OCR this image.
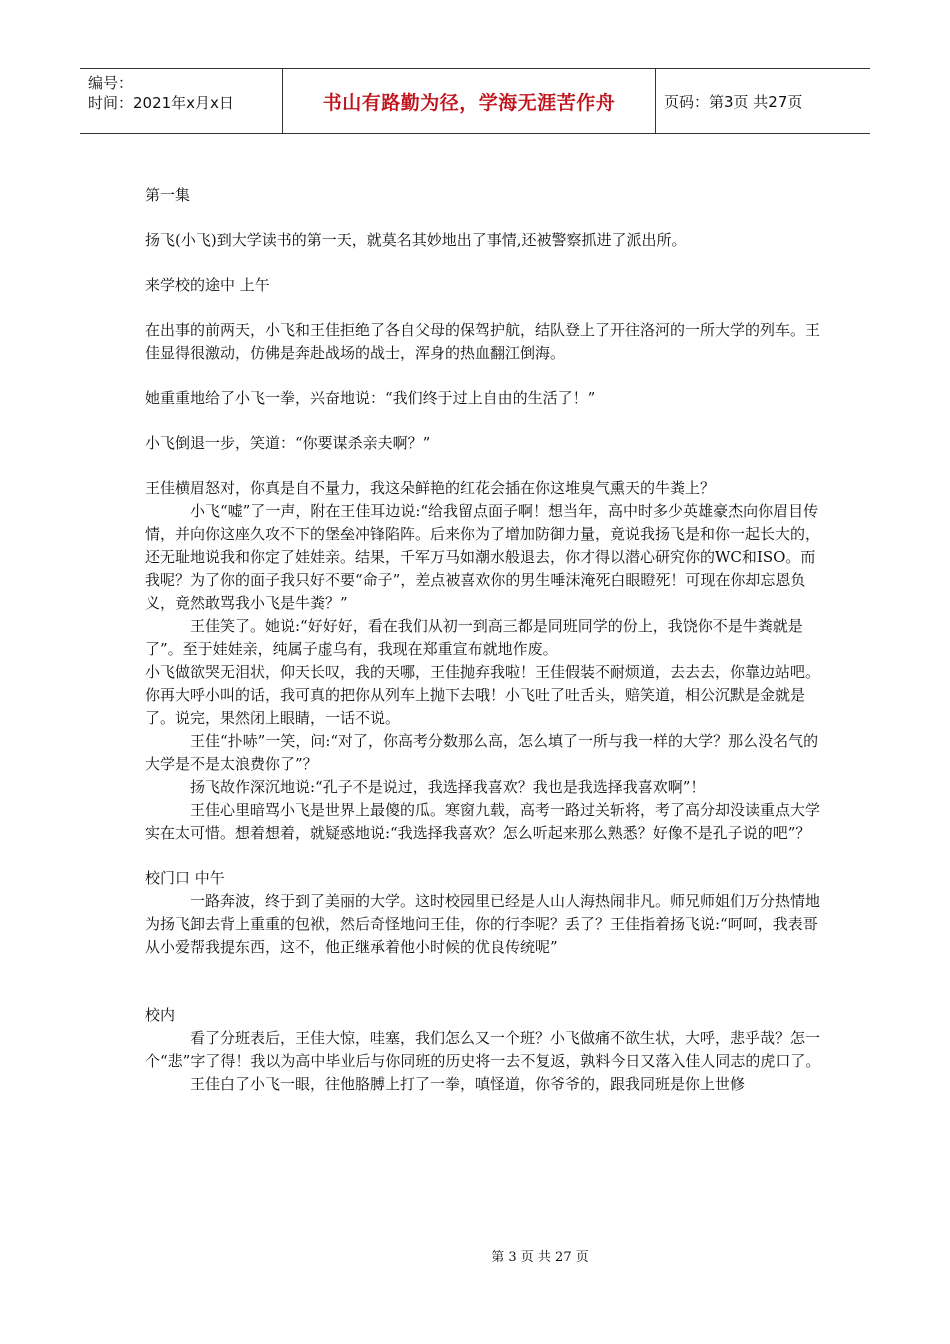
编号：
时间：2021年x月x日	书山有路勤为径，学海无涯苦作舟	页码：第3页 共27页

第一集

扬飞(小飞)到大学读书的第一天，就莫名其妙地出了事情,还被警察抓进了派出所。

来学校的途中 上午

在出事的前两天，小飞和王佳拒绝了各自父母的保驾护航，结队登上了开往洛河的一所大学的列车。王佳显得很激动，仿佛是奔赴战场的战士，浑身的热血翻江倒海。

她重重地给了小飞一拳，兴奋地说：“我们终于过上自由的生活了！”

小飞倒退一步，笑道：“你要谋杀亲夫啊？”

王佳横眉怒对，你真是自不量力，我这朵鲜艳的红花会插在你这堆臭气熏天的牛粪上？

小飞“嘘”了一声，附在王佳耳边说:“给我留点面子啊！想当年，高中时多少英雄豪杰向你眉目传情，并向你这座久攻不下的堡垒冲锋陷阵。后来你为了增加防御力量，竟说我扬飞是和你一起长大的，还无耻地说我和你定了娃娃亲。结果，千军万马如潮水般退去，你才得以潜心研究你的WC和ISO。而我呢？为了你的面子我只好不要“命子”，差点被喜欢你的男生唾沫淹死白眼瞪死！可现在你却忘恩负义，竟然敢骂我小飞是牛粪？”

王佳笑了。她说:“好好好，看在我们从初一到高三都是同班同学的份上，我饶你不是牛粪就是了”。至于娃娃亲，纯属子虚乌有，我现在郑重宣布就地作废。

小飞做欲哭无泪状，仰天长叹，我的天哪，王佳抛弃我啦！王佳假装不耐烦道，去去去，你靠边站吧。你再大呼小叫的话，我可真的把你从列车上抛下去哦！小飞吐了吐舌头，赔笑道，相公沉默是金就是了。说完，果然闭上眼睛，一话不说。

王佳“扑哧”一笑，问:“对了，你高考分数那么高，怎么填了一所与我一样的大学？那么没名气的大学是不是太浪费你了”？

扬飞故作深沉地说:“孔子不是说过，我选择我喜欢？我也是我选择我喜欢啊”！

王佳心里暗骂小飞是世界上最傻的瓜。寒窗九载，高考一路过关斩将，考了高分却没读重点大学实在太可惜。想着想着，就疑惑地说:“我选择我喜欢？怎么听起来那么熟悉？好像不是孔子说的吧”？

校门口 中午

一路奔波，终于到了美丽的大学。这时校园里已经是人山人海热闹非凡。师兄师姐们万分热情地为扬飞卸去背上重重的包袱，然后奇怪地问王佳，你的行李呢？丢了？王佳指着扬飞说:“呵呵，我表哥从小爱帮我提东西，这不，他正继承着他小时候的优良传统呢”

校内

看了分班表后，王佳大惊，哇塞，我们怎么又一个班？小飞做痛不欲生状，大呼，悲乎哉？怎一个“悲”字了得！我以为高中毕业后与你同班的历史将一去不复返，孰料今日又落入佳人同志的虎口了。

王佳白了小飞一眼，往他胳膊上打了一拳，嗔怪道，你爷爷的，跟我同班是你上世修

第 3 页 共 27 页
